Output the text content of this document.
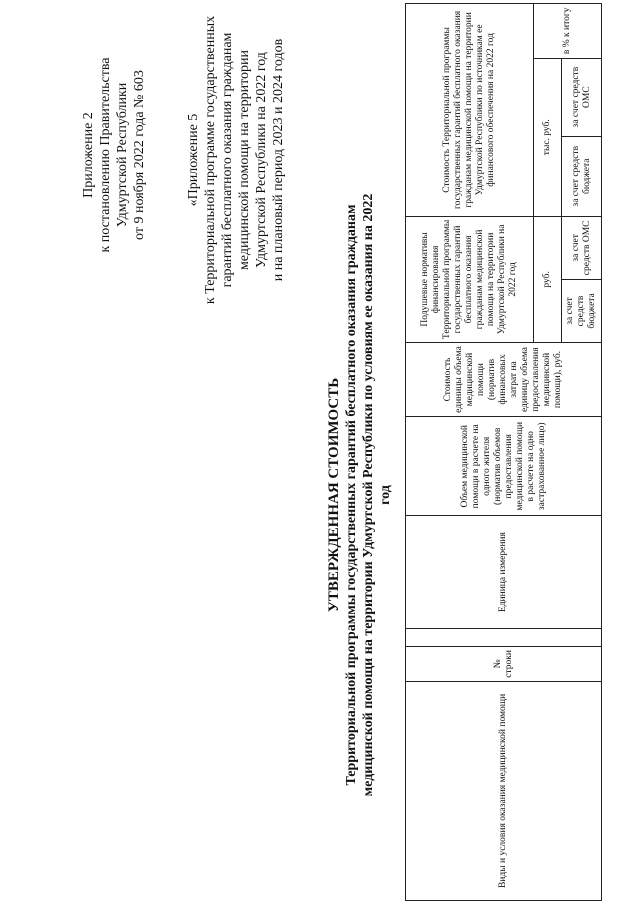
Приложение 2 к постановлению Правительства Удмуртской Республики от 9 ноября 2022 года № 603	«Приложение 5 к Территориальной программе государственных гарантий бесплатного оказания гражданам медицинской помощи на территории Удмуртской Республики на 2022 год и на плановый период 2023 и 2024 годов
УТВЕРЖДЕННАЯ СТОИМОСТЬ Территориальной программы государственных гарантий бесплатного оказания гражданам медицинской помощи на территории Удмуртской Республики по условиям ее оказания на 2022 год
Виды и условия оказания медицинской помощи	№ строки		Единица измерения	Объем медицинской помощи в расчете на одного жителя (норматив объемов предоставления медицинской помощи в расчете на одно застрахованное лицо)	Стоимость единицы объема медицинской помощи (норматив финансовых затрат на единицу объема предоставления медицинской помощи), руб.	Подушевые нормативы финансирования Территориальной программы государственных гарантий бесплатного оказания гражданам медицинской помощи на территории Удмуртской Республики на 2022 год		Стоимость Территориальной программы государственных гарантий бесплатного оказания гражданам медицинской помощи на территории Удмуртской Республики по источникам ее финансового обеспечения на 2022 год		
						руб.		тыс. руб.		в % к итогу
						за счет средств бюджета	за счет средств ОМС	за счет средств бюджета	за счет средств ОМС	
